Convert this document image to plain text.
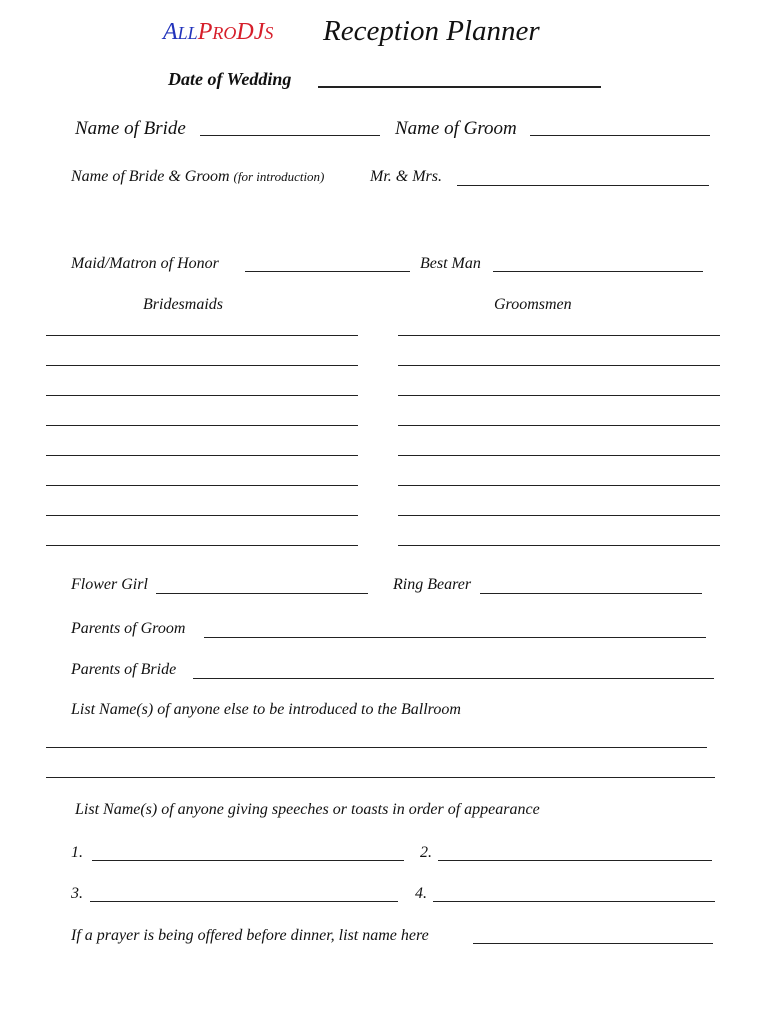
ALLPRODJS Reception Planner
Date of Wedding
Name of Bride	Name of Groom
Name of Bride & Groom (for introduction)	Mr. & Mrs.
Maid/Matron of Honor	Best Man
Bridesmaids	Groomsmen
Flower Girl	Ring Bearer
Parents of Groom
Parents of Bride
List Name(s) of anyone else to be introduced to the Ballroom
List Name(s) of anyone giving speeches or toasts in order of appearance
1.	2.
3.	4.
If a prayer is being offered before dinner, list name here
